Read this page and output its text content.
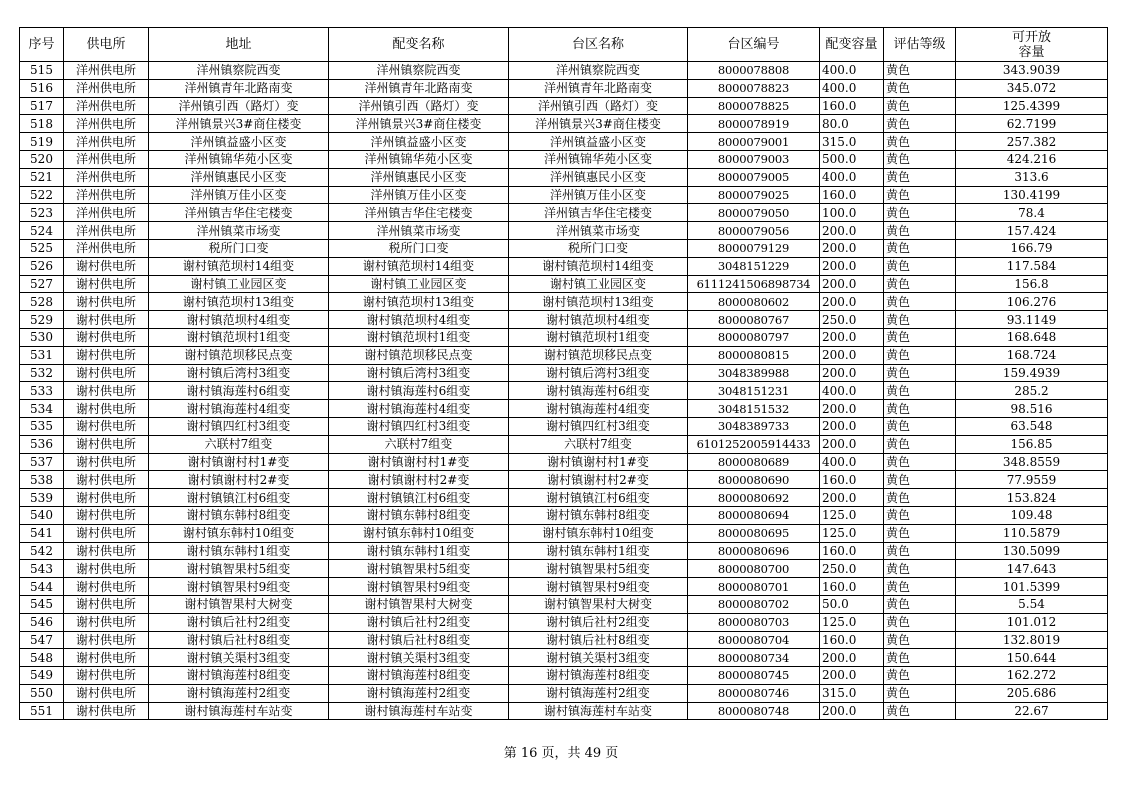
序号	供电所	地址	配变名称	台区名称	台区编号	配变容量	评估等级	可开放容量
515	洋州供电所	洋州镇察院西变	洋州镇察院西变	洋州镇察院西变	8000078808	400.0	黄色	343.9039
516	洋州供电所	洋州镇青年北路南变	洋州镇青年北路南变	洋州镇青年北路南变	8000078823	400.0	黄色	345.072
517	洋州供电所	洋州镇引西（路灯）变	洋州镇引西（路灯）变	洋州镇引西（路灯）变	8000078825	160.0	黄色	125.4399
518	洋州供电所	洋州镇景兴3#商住楼变	洋州镇景兴3#商住楼变	洋州镇景兴3#商住楼变	8000078919	80.0	黄色	62.7199
519	洋州供电所	洋州镇益盛小区变	洋州镇益盛小区变	洋州镇益盛小区变	8000079001	315.0	黄色	257.382
520	洋州供电所	洋州镇锦华苑小区变	洋州镇锦华苑小区变	洋州镇锦华苑小区变	8000079003	500.0	黄色	424.216
521	洋州供电所	洋州镇惠民小区变	洋州镇惠民小区变	洋州镇惠民小区变	8000079005	400.0	黄色	313.6
522	洋州供电所	洋州镇万佳小区变	洋州镇万佳小区变	洋州镇万佳小区变	8000079025	160.0	黄色	130.4199
523	洋州供电所	洋州镇吉华住宅楼变	洋州镇吉华住宅楼变	洋州镇吉华住宅楼变	8000079050	100.0	黄色	78.4
524	洋州供电所	洋州镇菜市场变	洋州镇菜市场变	洋州镇菜市场变	8000079056	200.0	黄色	157.424
525	洋州供电所	税所门口变	税所门口变	税所门口变	8000079129	200.0	黄色	166.79
526	谢村供电所	谢村镇范坝村14组变	谢村镇范坝村14组变	谢村镇范坝村14组变	3048151229	200.0	黄色	117.584
527	谢村供电所	谢村镇工业园区变	谢村镇工业园区变	谢村镇工业园区变	6111241506898734	200.0	黄色	156.8
528	谢村供电所	谢村镇范坝村13组变	谢村镇范坝村13组变	谢村镇范坝村13组变	8000080602	200.0	黄色	106.276
529	谢村供电所	谢村镇范坝村4组变	谢村镇范坝村4组变	谢村镇范坝村4组变	8000080767	250.0	黄色	93.1149
530	谢村供电所	谢村镇范坝村1组变	谢村镇范坝村1组变	谢村镇范坝村1组变	8000080797	200.0	黄色	168.648
531	谢村供电所	谢村镇范坝移民点变	谢村镇范坝移民点变	谢村镇范坝移民点变	8000080815	200.0	黄色	168.724
532	谢村供电所	谢村镇后湾村3组变	谢村镇后湾村3组变	谢村镇后湾村3组变	3048389988	200.0	黄色	159.4939
533	谢村供电所	谢村镇海莲村6组变	谢村镇海莲村6组变	谢村镇海莲村6组变	3048151231	400.0	黄色	285.2
534	谢村供电所	谢村镇海莲村4组变	谢村镇海莲村4组变	谢村镇海莲村4组变	3048151532	200.0	黄色	98.516
535	谢村供电所	谢村镇四红村3组变	谢村镇四红村3组变	谢村镇四红村3组变	3048389733	200.0	黄色	63.548
536	谢村供电所	六联村7组变	六联村7组变	六联村7组变	6101252005914433	200.0	黄色	156.85
537	谢村供电所	谢村镇谢村村1#变	谢村镇谢村村1#变	谢村镇谢村村1#变	8000080689	400.0	黄色	348.8559
538	谢村供电所	谢村镇谢村村2#变	谢村镇谢村村2#变	谢村镇谢村村2#变	8000080690	160.0	黄色	77.9559
539	谢村供电所	谢村镇镇江村6组变	谢村镇镇江村6组变	谢村镇镇江村6组变	8000080692	200.0	黄色	153.824
540	谢村供电所	谢村镇东韩村8组变	谢村镇东韩村8组变	谢村镇东韩村8组变	8000080694	125.0	黄色	109.48
541	谢村供电所	谢村镇东韩村10组变	谢村镇东韩村10组变	谢村镇东韩村10组变	8000080695	125.0	黄色	110.5879
542	谢村供电所	谢村镇东韩村1组变	谢村镇东韩村1组变	谢村镇东韩村1组变	8000080696	160.0	黄色	130.5099
543	谢村供电所	谢村镇智果村5组变	谢村镇智果村5组变	谢村镇智果村5组变	8000080700	250.0	黄色	147.643
544	谢村供电所	谢村镇智果村9组变	谢村镇智果村9组变	谢村镇智果村9组变	8000080701	160.0	黄色	101.5399
545	谢村供电所	谢村镇智果村大树变	谢村镇智果村大树变	谢村镇智果村大树变	8000080702	50.0	黄色	5.54
546	谢村供电所	谢村镇后社村2组变	谢村镇后社村2组变	谢村镇后社村2组变	8000080703	125.0	黄色	101.012
547	谢村供电所	谢村镇后社村8组变	谢村镇后社村8组变	谢村镇后社村8组变	8000080704	160.0	黄色	132.8019
548	谢村供电所	谢村镇关渠村3组变	谢村镇关渠村3组变	谢村镇关渠村3组变	8000080734	200.0	黄色	150.644
549	谢村供电所	谢村镇海莲村8组变	谢村镇海莲村8组变	谢村镇海莲村8组变	8000080745	200.0	黄色	162.272
550	谢村供电所	谢村镇海莲村2组变	谢村镇海莲村2组变	谢村镇海莲村2组变	8000080746	315.0	黄色	205.686
551	谢村供电所	谢村镇海莲村车站变	谢村镇海莲村车站变	谢村镇海莲村车站变	8000080748	200.0	黄色	22.67
第 16 页，共 49 页
